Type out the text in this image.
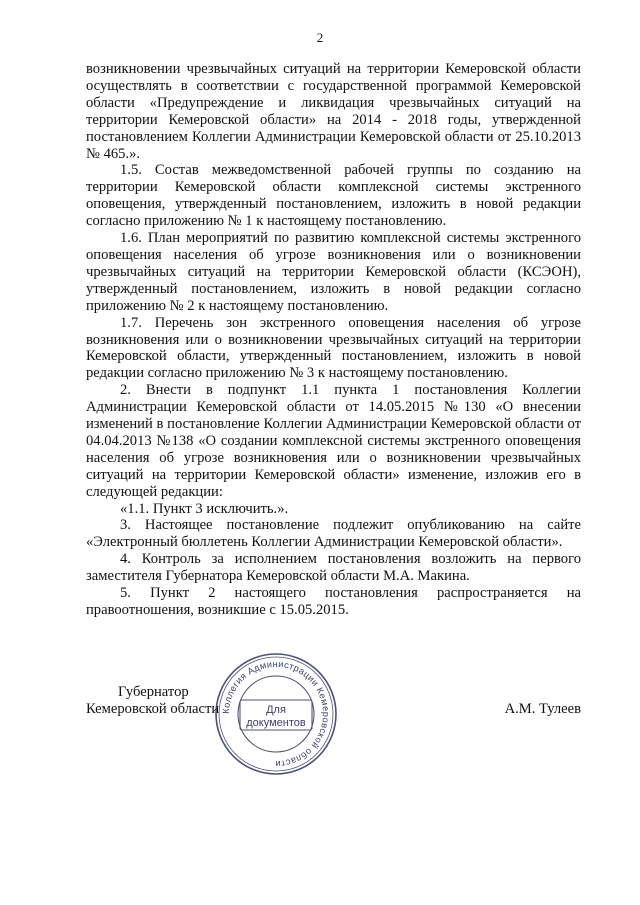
2

возникновении чрезвычайных ситуаций на территории Кемеровской области осуществлять в соответствии с государственной программой Кемеровской области «Предупреждение и ликвидация чрезвычайных ситуаций на территории Кемеровской области» на 2014 - 2018 годы, утвержденной постановлением Коллегии Администрации Кемеровской области от 25.10.2013 № 465.».

1.5. Состав межведомственной рабочей группы по созданию на территории Кемеровской области комплексной системы экстренного оповещения, утвержденный постановлением, изложить в новой редакции согласно приложению № 1 к настоящему постановлению.

1.6. План мероприятий по развитию комплексной системы экстренного оповещения населения об угрозе возникновения или о возникновении чрезвычайных ситуаций на территории Кемеровской области (КСЭОН), утвержденный постановлением, изложить в новой редакции согласно приложению № 2 к настоящему постановлению.

1.7. Перечень зон экстренного оповещения населения об угрозе возникновения или о возникновении чрезвычайных ситуаций на территории Кемеровской области, утвержденный постановлением, изложить в новой редакции согласно приложению № 3 к настоящему постановлению.

2. Внести в подпункт 1.1 пункта 1 постановления Коллегии Администрации Кемеровской области от 14.05.2015 №130 «О внесении изменений в постановление Коллегии Администрации Кемеровской области от 04.04.2013 №138 «О создании комплексной системы экстренного оповещения населения об угрозе возникновения или о возникновении чрезвычайных ситуаций на территории Кемеровской области» изменение, изложив его в следующей редакции:

«1.1. Пункт 3 исключить.».

3. Настоящее постановление подлежит опубликованию на сайте «Электронный бюллетень Коллегии Администрации Кемеровской области».

4. Контроль за исполнением постановления возложить на первого заместителя Губернатора Кемеровской области М.А. Макина.

5. Пункт 2 настоящего постановления распространяется на правоотношения, возникшие с 15.05.2015.

Губернатор
Кемеровской области	А.М. Тулеев
Коллегия Администрации Кемеровской области
Для
документов
